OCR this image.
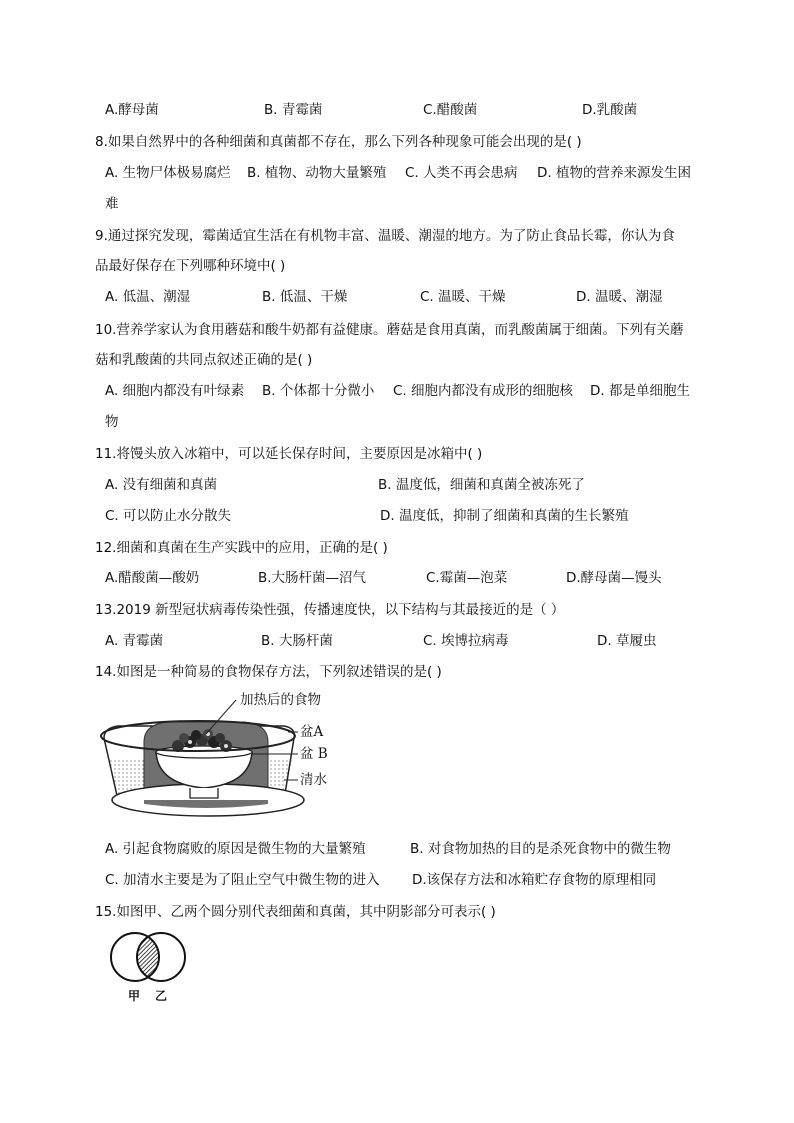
A.酵母菌	B. 青霉菌	C.醋酸菌	D.乳酸菌
8.如果自然界中的各种细菌和真菌都不存在，那么下列各种现象可能会出现的是( )
A. 生物尸体极易腐烂 B. 植物、动物大量繁殖 C. 人类不再会患病 D. 植物的营养来源发生困
难
9.通过探究发现，霉菌适宜生活在有机物丰富、温暖、潮湿的地方。为了防止食品长霉，你认为食
品最好保存在下列哪种环境中( )
A. 低温、潮湿	B. 低温、干燥	C. 温暖、干燥	D. 温暖、潮湿
10.营养学家认为食用蘑菇和酸牛奶都有益健康。蘑菇是食用真菌，而乳酸菌属于细菌。下列有关蘑
菇和乳酸菌的共同点叙述正确的是( )
A. 细胞内都没有叶绿素 B. 个体都十分微小 C. 细胞内都没有成形的细胞核 D. 都是单细胞生
物
11.将馒头放入冰箱中，可以延长保存时间，主要原因是冰箱中( )
A. 没有细菌和真菌	B. 温度低，细菌和真菌全被冻死了
C. 可以防止水分散失	D. 温度低，抑制了细菌和真菌的生长繁殖
12.细菌和真菌在生产实践中的应用，正确的是( )
A.醋酸菌—酸奶	B.大肠杆菌—沼气	C.霉菌—泡菜	D.酵母菌—馒头
13.2019 新型冠状病毒传染性强，传播速度快，以下结构与其最接近的是（ ）
A. 青霉菌	B. 大肠杆菌	C. 埃博拉病毒	D. 草履虫
14.如图是一种简易的食物保存方法，下列叙述错误的是( )
加热后的食物
盆A
盆 B
清水
A. 引起食物腐败的原因是微生物的大量繁殖	B. 对食物加热的目的是杀死食物中的微生物
C. 加清水主要是为了阻止空气中微生物的进入 D.该保存方法和冰箱贮存食物的原理相同
15.如图甲、乙两个圆分别代表细菌和真菌，其中阴影部分可表示( )
甲 乙
